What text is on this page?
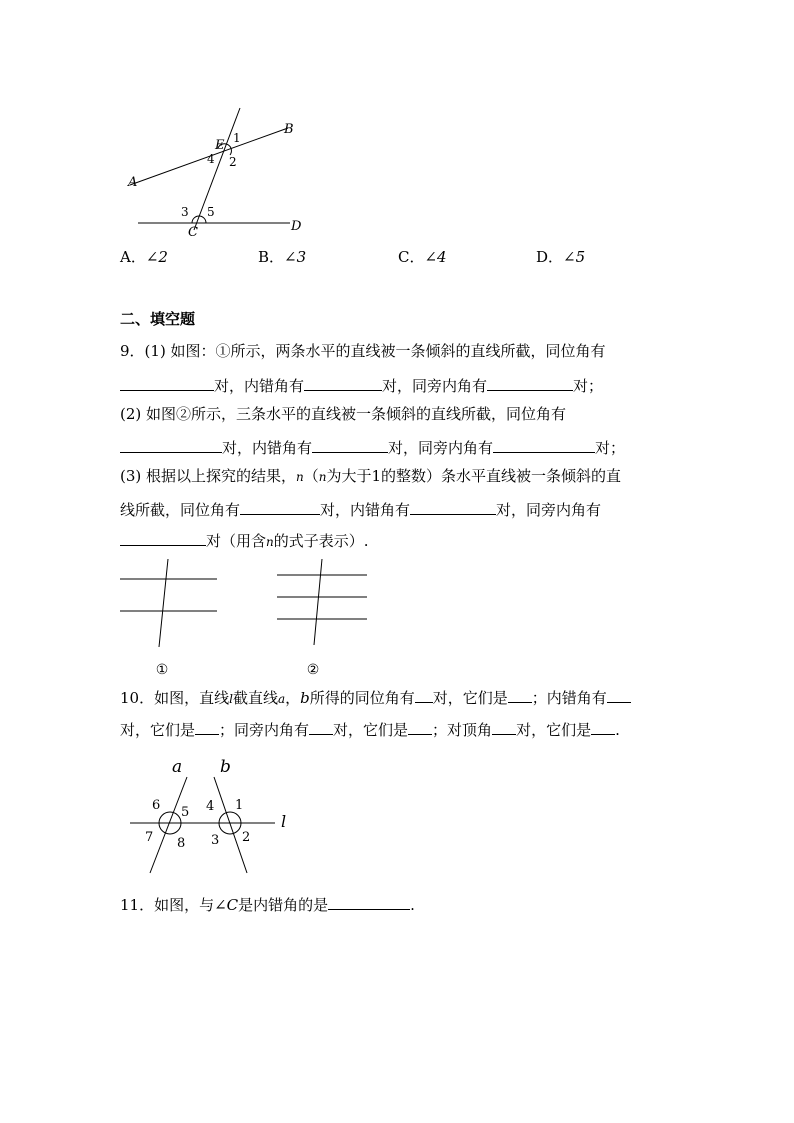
E
B
A
C	D
1
2
3
4
5
A．∠2	B．∠3	C．∠4	D．∠5
二、填空题
9．(1) 如图：①所示，两条水平的直线被一条倾斜的直线所截，同位角有
对，内错角有	对，同旁内角有	对；
(2) 如图②所示，三条水平的直线被一条倾斜的直线所截，同位角有
对，内错角有	对，同旁内角有	对；
(3) 根据以上探究的结果，n（n为大于1的整数）条水平直线被一条倾斜的直
线所截，同位角有	对，内错角有	对，同旁内角有
对（用含n的式子表示）.
①	②
10．如图，直线l截直线a，b所得的同位角有 对，它们是 ；内错角有
对，它们是 ；同旁内角有 对，它们是 ；对顶角 对，它们是 .
a b
l
1
2
3
4
5
6
7 8
11．如图，与∠C是内错角的是	.
